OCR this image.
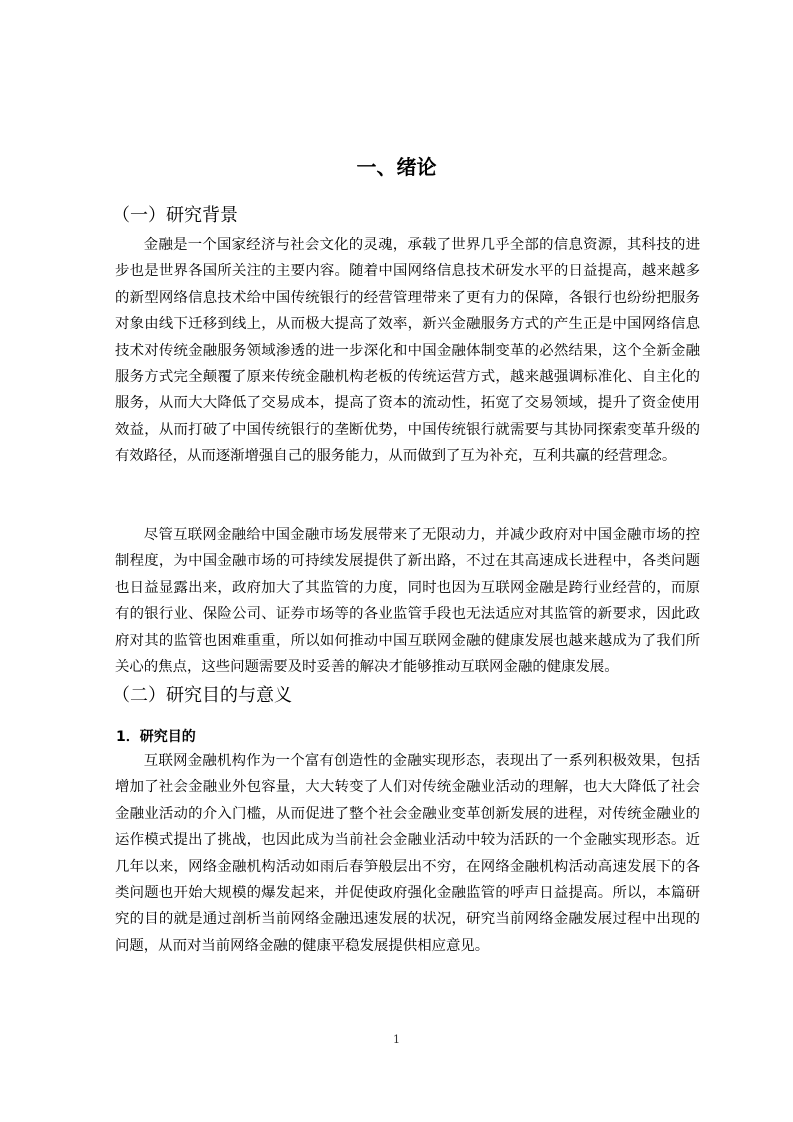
一、绪论
（一）研究背景

金融是一个国家经济与社会文化的灵魂，承载了世界几乎全部的信息资源，其科技的进步也是世界各国所关注的主要内容。随着中国网络信息技术研发水平的日益提高，越来越多的新型网络信息技术给中国传统银行的经营管理带来了更有力的保障，各银行也纷纷把服务对象由线下迁移到线上，从而极大提高了效率，新兴金融服务方式的产生正是中国网络信息技术对传统金融服务领域渗透的进一步深化和中国金融体制变革的必然结果，这个全新金融服务方式完全颠覆了原来传统金融机构老板的传统运营方式，越来越强调标准化、自主化的服务，从而大大降低了交易成本，提高了资本的流动性，拓宽了交易领域，提升了资金使用效益，从而打破了中国传统银行的垄断优势，中国传统银行就需要与其协同探索变革升级的有效路径，从而逐渐增强自己的服务能力，从而做到了互为补充，互利共赢的经营理念。

尽管互联网金融给中国金融市场发展带来了无限动力，并减少政府对中国金融市场的控制程度，为中国金融市场的可持续发展提供了新出路，不过在其高速成长进程中，各类问题也日益显露出来，政府加大了其监管的力度，同时也因为互联网金融是跨行业经营的，而原有的银行业、保险公司、证券市场等的各业监管手段也无法适应对其监管的新要求，因此政府对其的监管也困难重重，所以如何推动中国互联网金融的健康发展也越来越成为了我们所关心的焦点，这些问题需要及时妥善的解决才能够推动互联网金融的健康发展。

（二）研究目的与意义
1．研究目的

互联网金融机构作为一个富有创造性的金融实现形态，表现出了一系列积极效果，包括增加了社会金融业外包容量，大大转变了人们对传统金融业活动的理解，也大大降低了社会金融业活动的介入门槛，从而促进了整个社会金融业变革创新发展的进程，对传统金融业的运作模式提出了挑战，也因此成为当前社会金融业活动中较为活跃的一个金融实现形态。近几年以来，网络金融机构活动如雨后春笋般层出不穷，在网络金融机构活动高速发展下的各类问题也开始大规模的爆发起来，并促使政府强化金融监管的呼声日益提高。所以，本篇研究的目的就是通过剖析当前网络金融迅速发展的状况，研究当前网络金融发展过程中出现的问题，从而对当前网络金融的健康平稳发展提供相应意见。

1
